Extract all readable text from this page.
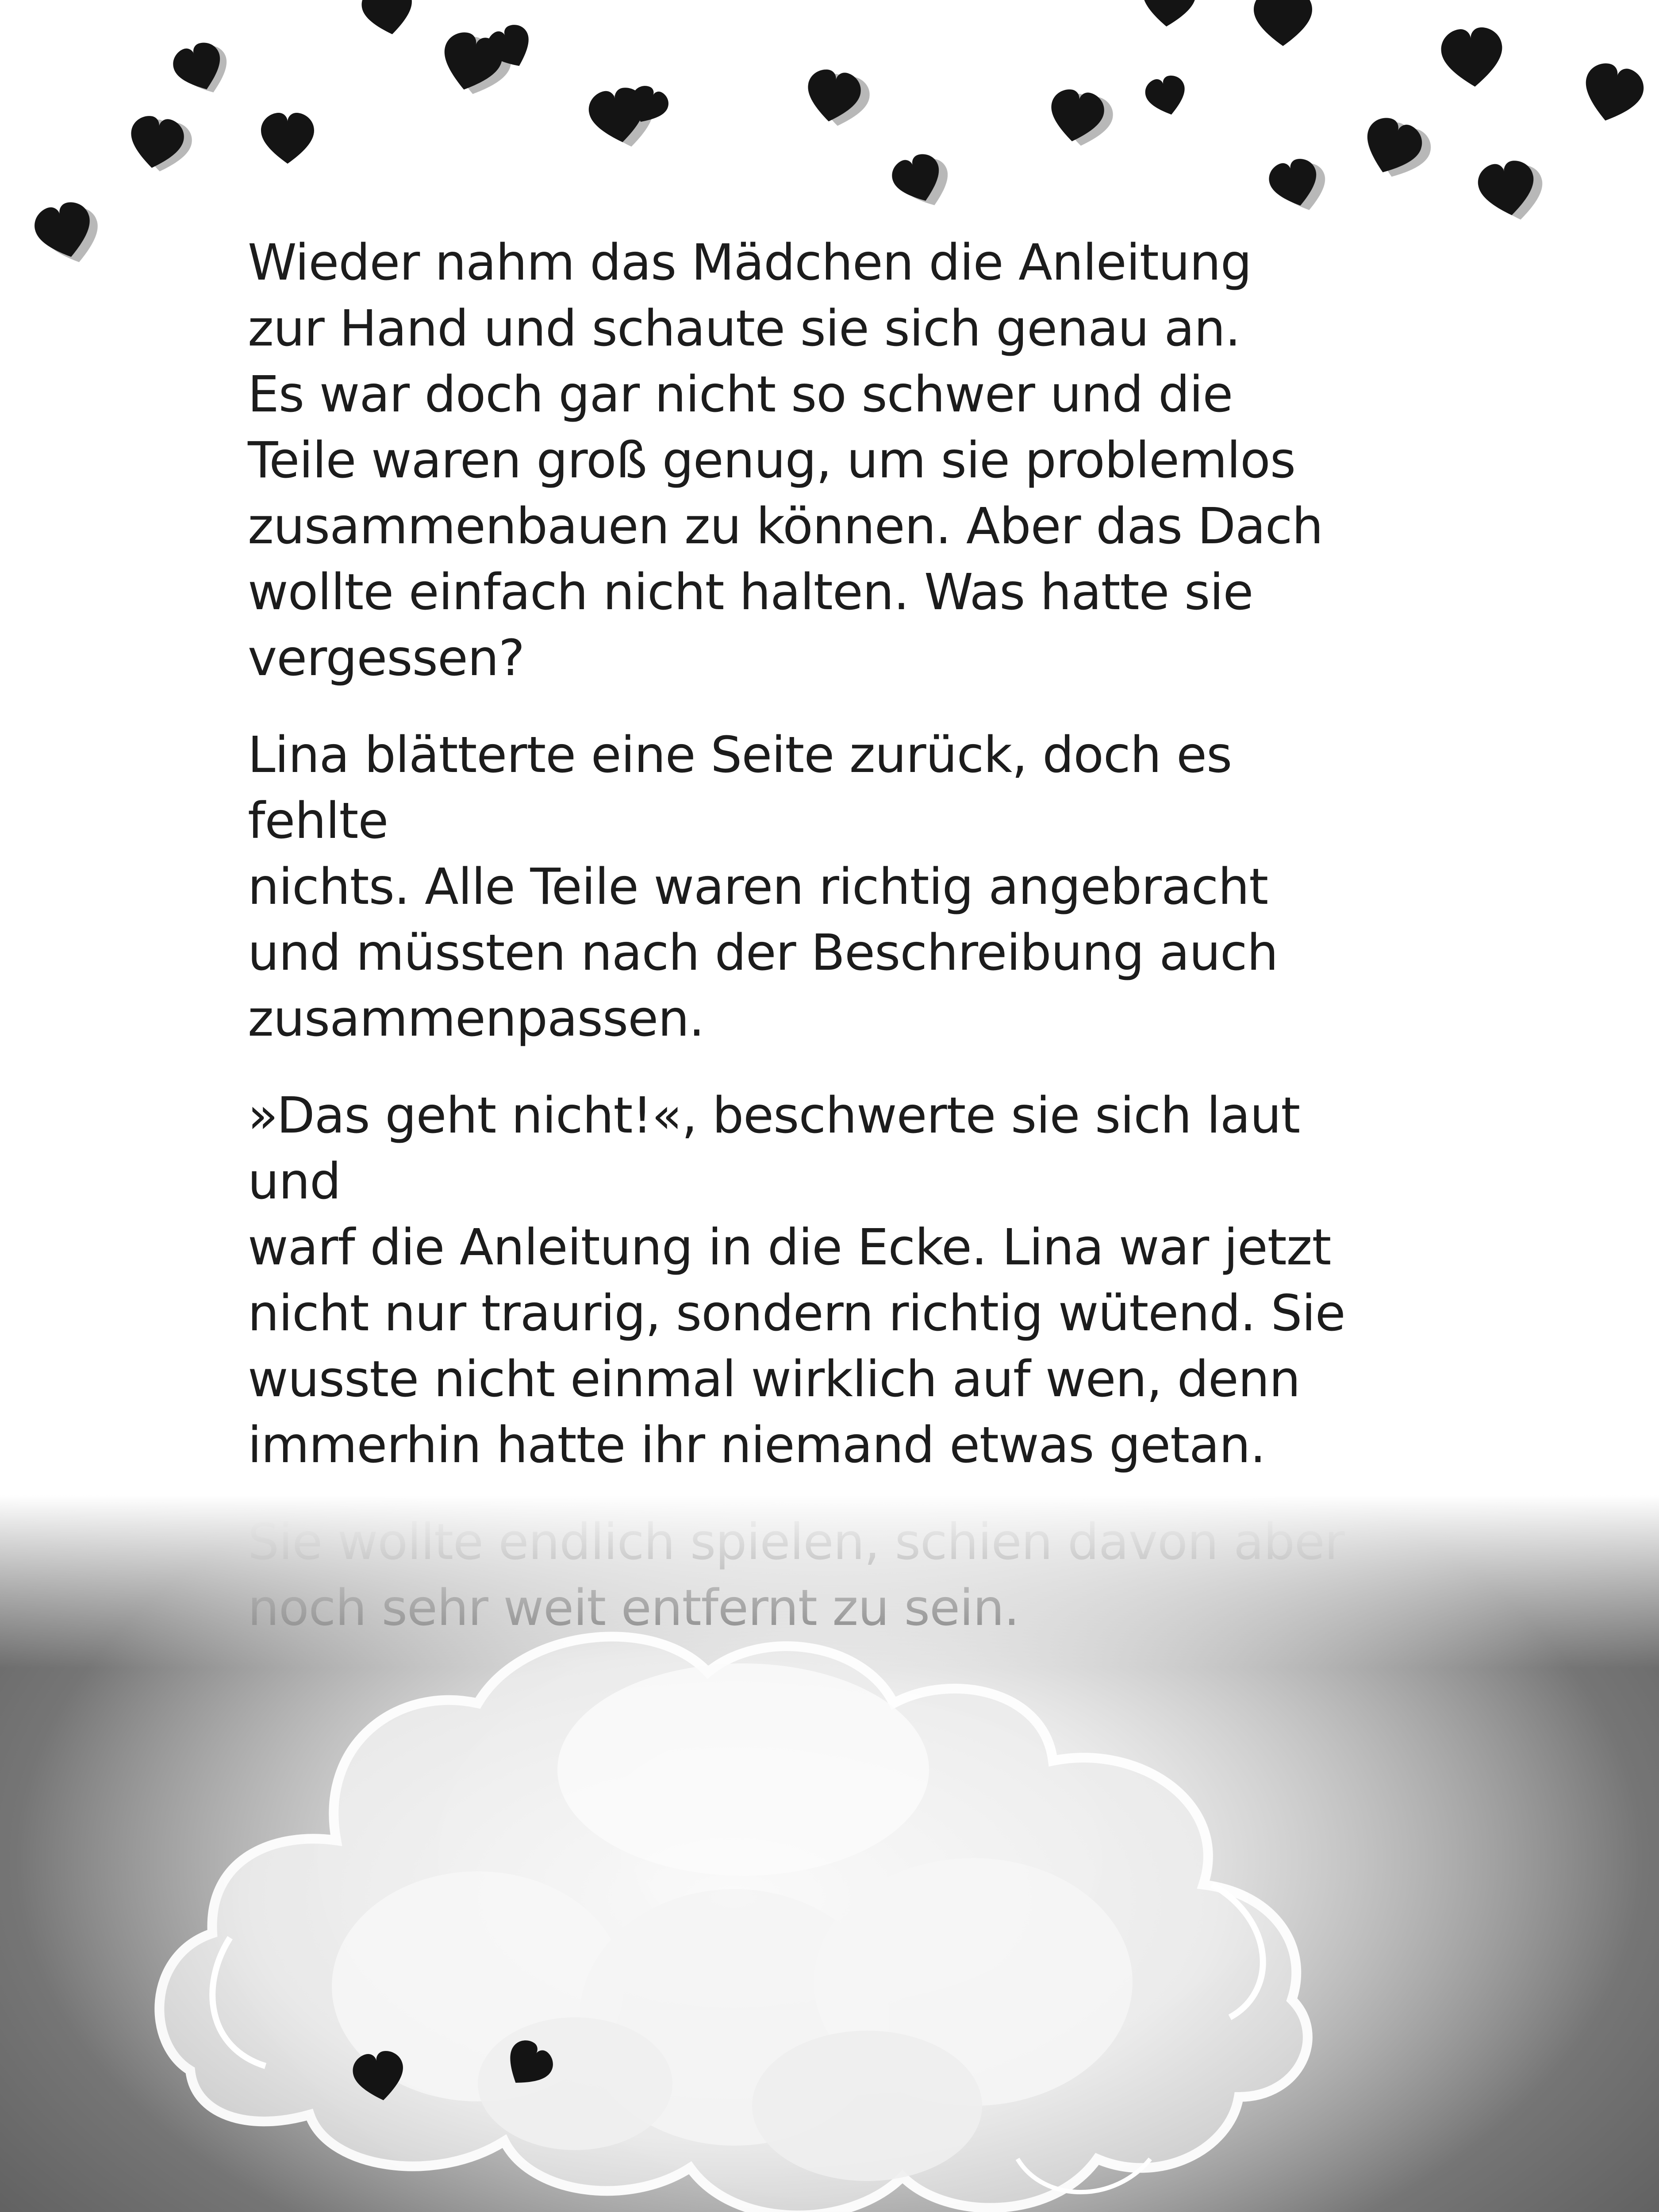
Wieder nahm das Mädchen die Anleitung
zur Hand und schaute sie sich genau an.
Es war doch gar nicht so schwer und die
Teile waren groß genug, um sie problemlos
zusammenbauen zu können. Aber das Dach
wollte einfach nicht halten. Was hatte sie
vergessen?

Lina blätterte eine Seite zurück, doch es fehlte
nichts. Alle Teile waren richtig angebracht
und müssten nach der Beschreibung auch
zusammenpassen.

»Das geht nicht!«, beschwerte sie sich laut und
warf die Anleitung in die Ecke. Lina war jetzt
nicht nur traurig, sondern richtig wütend. Sie
wusste nicht einmal wirklich auf wen, denn
immerhin hatte ihr niemand etwas getan.
